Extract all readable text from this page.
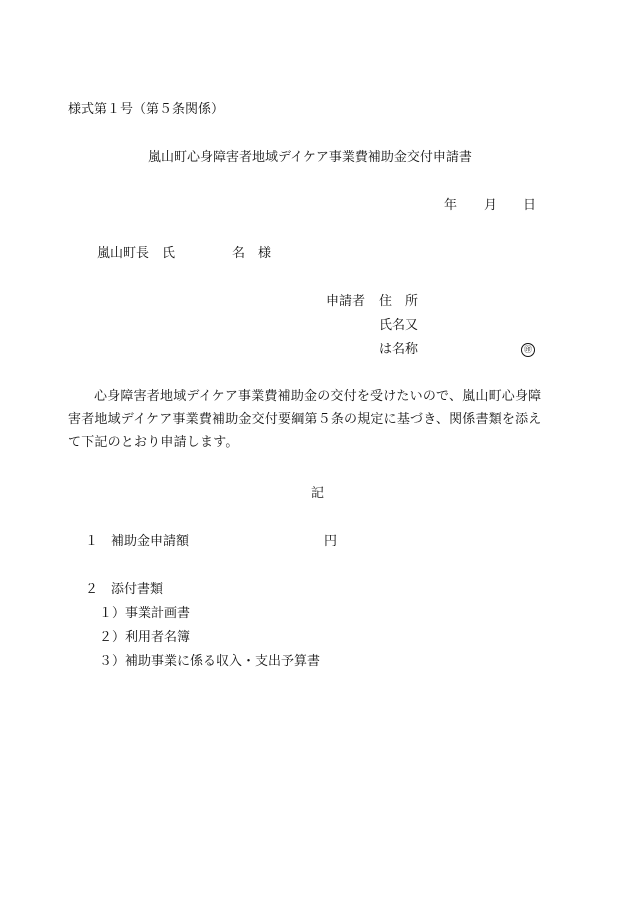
様式第１号（第５条関係）
嵐山町心身障害者地域デイケア事業費補助金交付申請書
年 月 日
嵐山町長　氏	名　様
申請者 住　所
氏名又
は名称	㊞
心身障害者地域デイケア事業費補助金の交付を受けたいので、嵐山町心身障害者地域デイケア事業費補助金交付要綱第５条の規定に基づき、関係書類を添えて下記のとおり申請します。
記
１ 補助金申請額	円
２ 添付書類
１）事業計画書
２）利用者名簿
３）補助事業に係る収入・支出予算書
